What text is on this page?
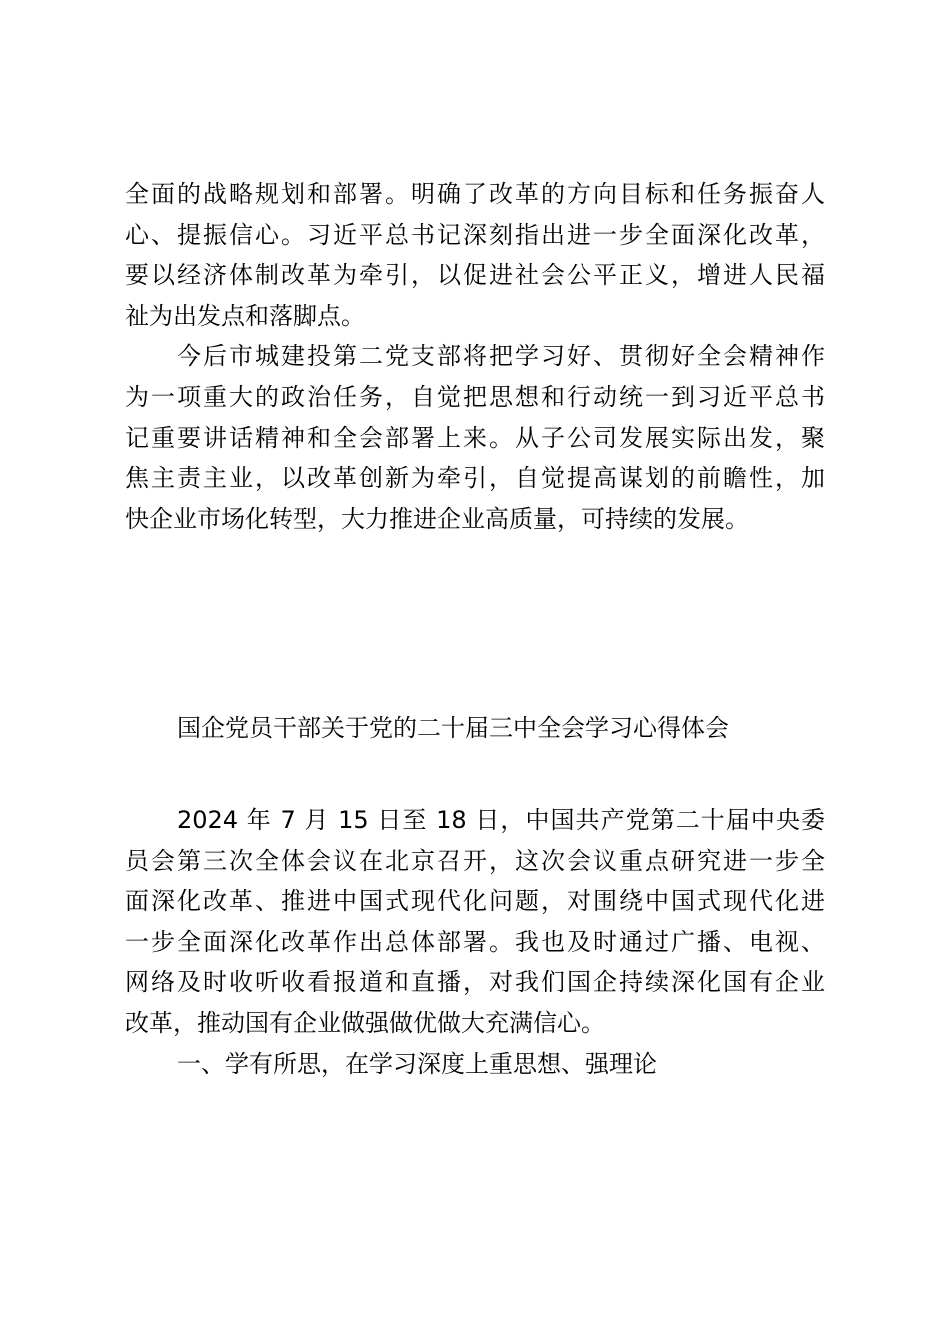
全面的战略规划和部署。明确了改革的方向目标和任务振奋人
心、提振信心。习近平总书记深刻指出进一步全面深化改革，
要以经济体制改革为牵引，以促进社会公平正义，增进人民福
祉为出发点和落脚点。
今后市城建投第二党支部将把学习好、贯彻好全会精神作
为一项重大的政治任务，自觉把思想和行动统一到习近平总书
记重要讲话精神和全会部署上来。从子公司发展实际出发，聚
焦主责主业，以改革创新为牵引，自觉提高谋划的前瞻性，加
快企业市场化转型，大力推进企业高质量，可持续的发展。
国企党员干部关于党的二十届三中全会学习心得体会
2024 年 7 月 15 日至 18 日，中国共产党第二十届中央委
员会第三次全体会议在北京召开，这次会议重点研究进一步全
面深化改革、推进中国式现代化问题，对围绕中国式现代化进
一步全面深化改革作出总体部署。我也及时通过广播、电视、
网络及时收听收看报道和直播，对我们国企持续深化国有企业
改革，推动国有企业做强做优做大充满信心。
一、学有所思，在学习深度上重思想、强理论
